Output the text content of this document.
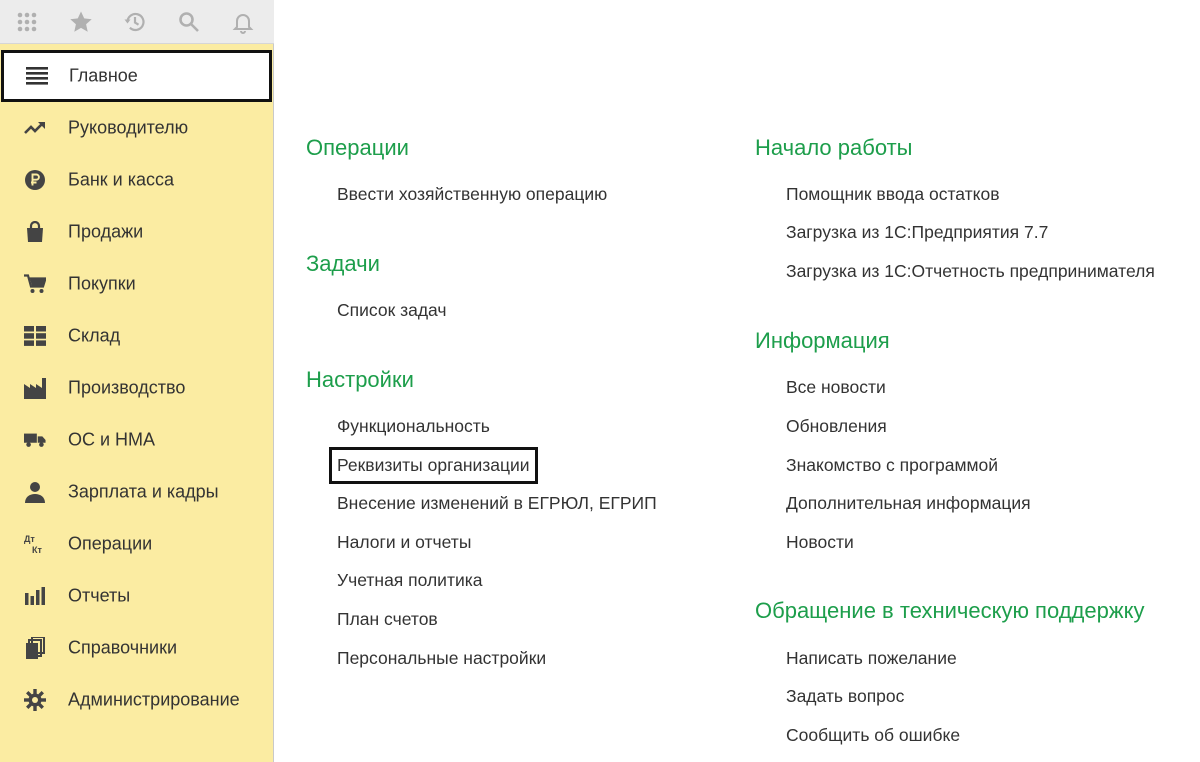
Главное
Руководителю
Банк и касса
Продажи
Покупки
Склад
Производство
ОС и НМА
Зарплата и кадры
Дт
Кт Операции
Отчеты
Справочники
Администрирование
Операции
Ввести хозяйственную операцию
Задачи
Список задач
Настройки
Функциональность
Реквизиты организации
Внесение изменений в ЕГРЮЛ, ЕГРИП
Налоги и отчеты
Учетная политика
План счетов
Персональные настройки
Начало работы
Помощник ввода остатков
Загрузка из 1С:Предприятия 7.7
Загрузка из 1С:Отчетность предпринимателя
Информация
Все новости
Обновления
Знакомство с программой
Дополнительная информация
Новости
Обращение в техническую поддержку
Написать пожелание
Задать вопрос
Сообщить об ошибке
